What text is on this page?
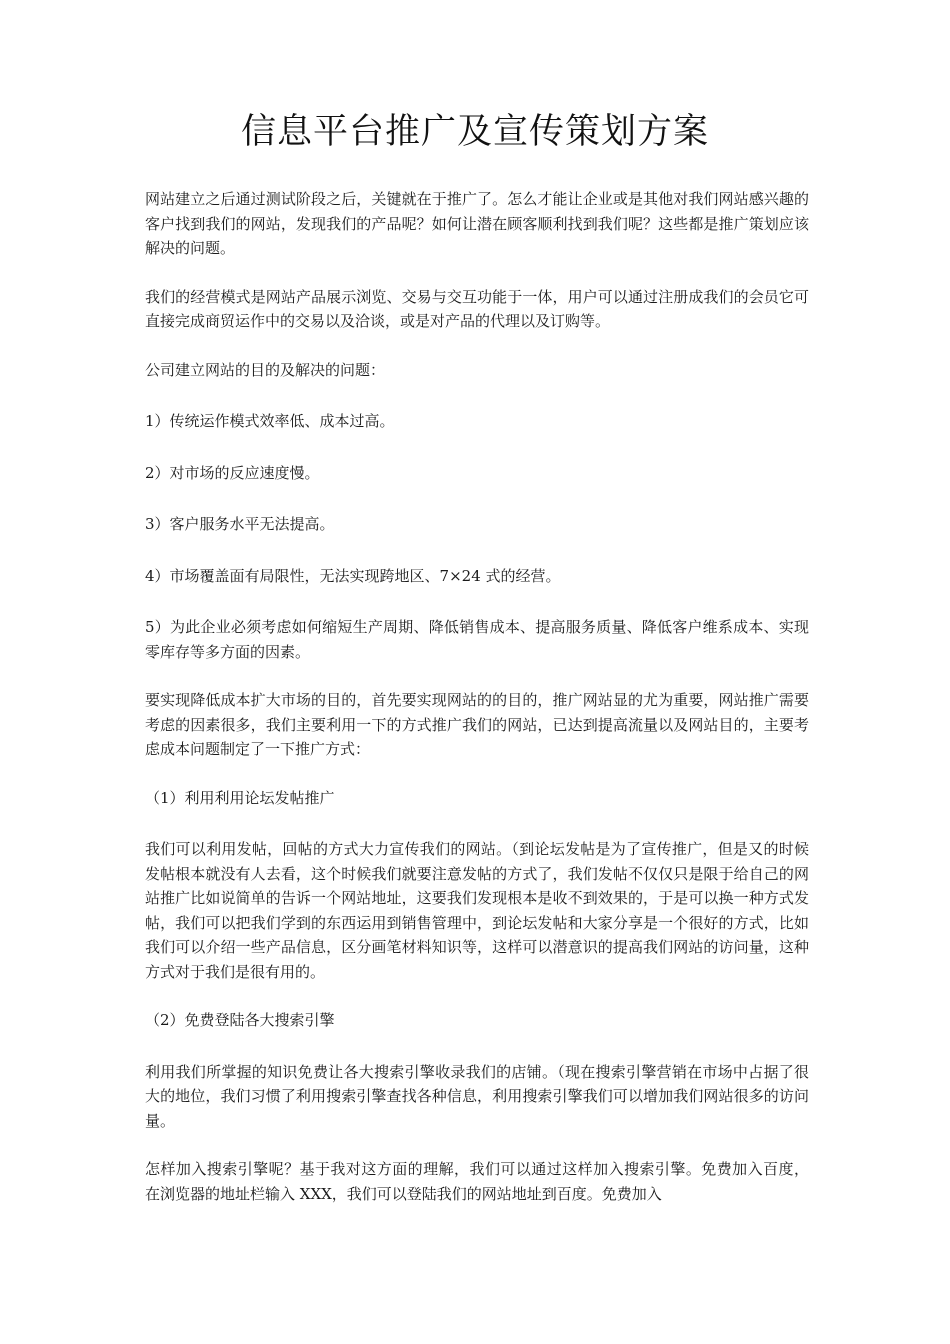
信息平台推广及宣传策划方案

网站建立之后通过测试阶段之后，关键就在于推广了。怎么才能让企业或是其他对我们网站感兴趣的客户找到我们的网站，发现我们的产品呢？如何让潜在顾客顺利找到我们呢？这些都是推广策划应该解决的问题。

我们的经营模式是网站产品展示浏览、交易与交互功能于一体，用户可以通过注册成我们的会员它可直接完成商贸运作中的交易以及洽谈，或是对产品的代理以及订购等。

公司建立网站的目的及解决的问题：

1）传统运作模式效率低、成本过高。

2）对市场的反应速度慢。

3）客户服务水平无法提高。

4）市场覆盖面有局限性，无法实现跨地区、7×24 式的经营。

5）为此企业必须考虑如何缩短生产周期、降低销售成本、提高服务质量、降低客户维系成本、实现零库存等多方面的因素。

要实现降低成本扩大市场的目的，首先要实现网站的的目的，推广网站显的尤为重要，网站推广需要考虑的因素很多，我们主要利用一下的方式推广我们的网站，已达到提高流量以及网站目的，主要考虑成本问题制定了一下推广方式：

（1）利用利用论坛发帖推广

我们可以利用发帖，回帖的方式大力宣传我们的网站。（到论坛发帖是为了宣传推广，但是又的时候发帖根本就没有人去看，这个时候我们就要注意发帖的方式了，我们发帖不仅仅只是限于给自己的网站推广比如说简单的告诉一个网站地址，这要我们发现根本是收不到效果的，于是可以换一种方式发帖，我们可以把我们学到的东西运用到销售管理中，到论坛发帖和大家分享是一个很好的方式，比如我们可以介绍一些产品信息，区分画笔材料知识等，这样可以潜意识的提高我们网站的访问量，这种方式对于我们是很有用的。

（2）免费登陆各大搜索引擎

利用我们所掌握的知识免费让各大搜索引擎收录我们的店铺。（现在搜索引擎营销在市场中占据了很大的地位，我们习惯了利用搜索引擎查找各种信息，利用搜索引擎我们可以增加我们网站很多的访问量。

怎样加入搜索引擎呢？基于我对这方面的理解，我们可以通过这样加入搜索引擎。免费加入百度， 在浏览器的地址栏输入 XXX，我们可以登陆我们的网站地址到百度。免费加入
